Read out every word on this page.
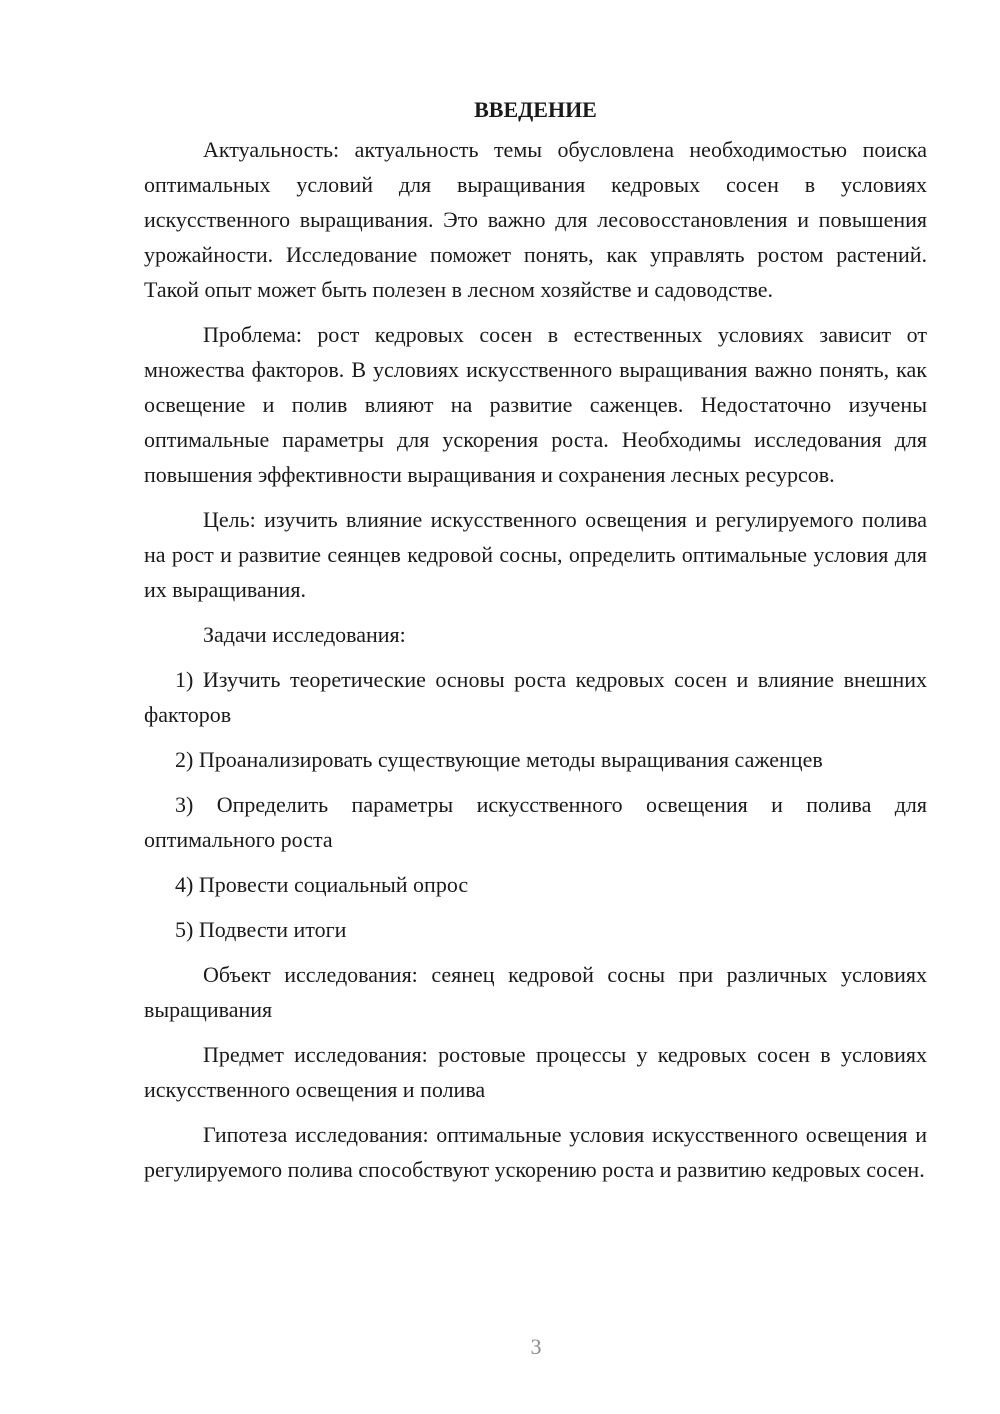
ВВЕДЕНИЕ

Актуальность: актуальность темы обусловлена необходимостью поиска оптимальных условий для выращивания кедровых сосен в условиях искусственного выращивания. Это важно для лесовосстановления и повышения урожайности. Исследование поможет понять, как управлять ростом растений. Такой опыт может быть полезен в лесном хозяйстве и садоводстве.

Проблема: рост кедровых сосен в естественных условиях зависит от множества факторов. В условиях искусственного выращивания важно понять, как освещение и полив влияют на развитие саженцев. Недостаточно изучены оптимальные параметры для ускорения роста. Необходимы исследования для повышения эффективности выращивания и сохранения лесных ресурсов.

Цель: изучить влияние искусственного освещения и регулируемого полива на рост и развитие сеянцев кедровой сосны, определить оптимальные условия для их выращивания.

Задачи исследования:

1) Изучить теоретические основы роста кедровых сосен и влияние внешних факторов

2) Проанализировать существующие методы выращивания саженцев

3) Определить параметры искусственного освещения и полива для оптимального роста

4) Провести социальный опрос

5) Подвести итоги

Объект исследования: сеянец кедровой сосны при различных условиях выращивания

Предмет исследования: ростовые процессы у кедровых сосен в условиях искусственного освещения и полива

Гипотеза исследования: оптимальные условия искусственного освещения и регулируемого полива способствуют ускорению роста и развитию кедровых сосен.

3
